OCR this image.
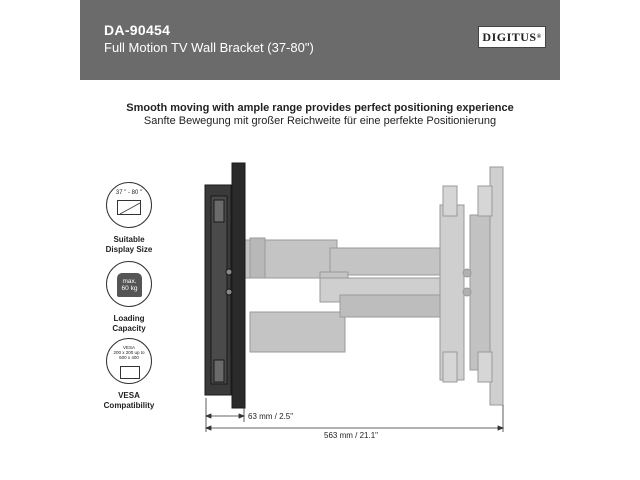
DA-90454
Full Motion TV Wall Bracket (37-80")
DIGITUS®
Smooth moving with ample range provides perfect positioning experience
Sanfte Bewegung mit großer Reichweite für eine perfekte Positionierung
37 " - 80 "
Suitable
Display Size
max.
60 kg
Loading
Capacity
VESA
200 x 200 up to
600 x 400
VESA
Compatibility
63 mm / 2.5"
563 mm / 21.1"
